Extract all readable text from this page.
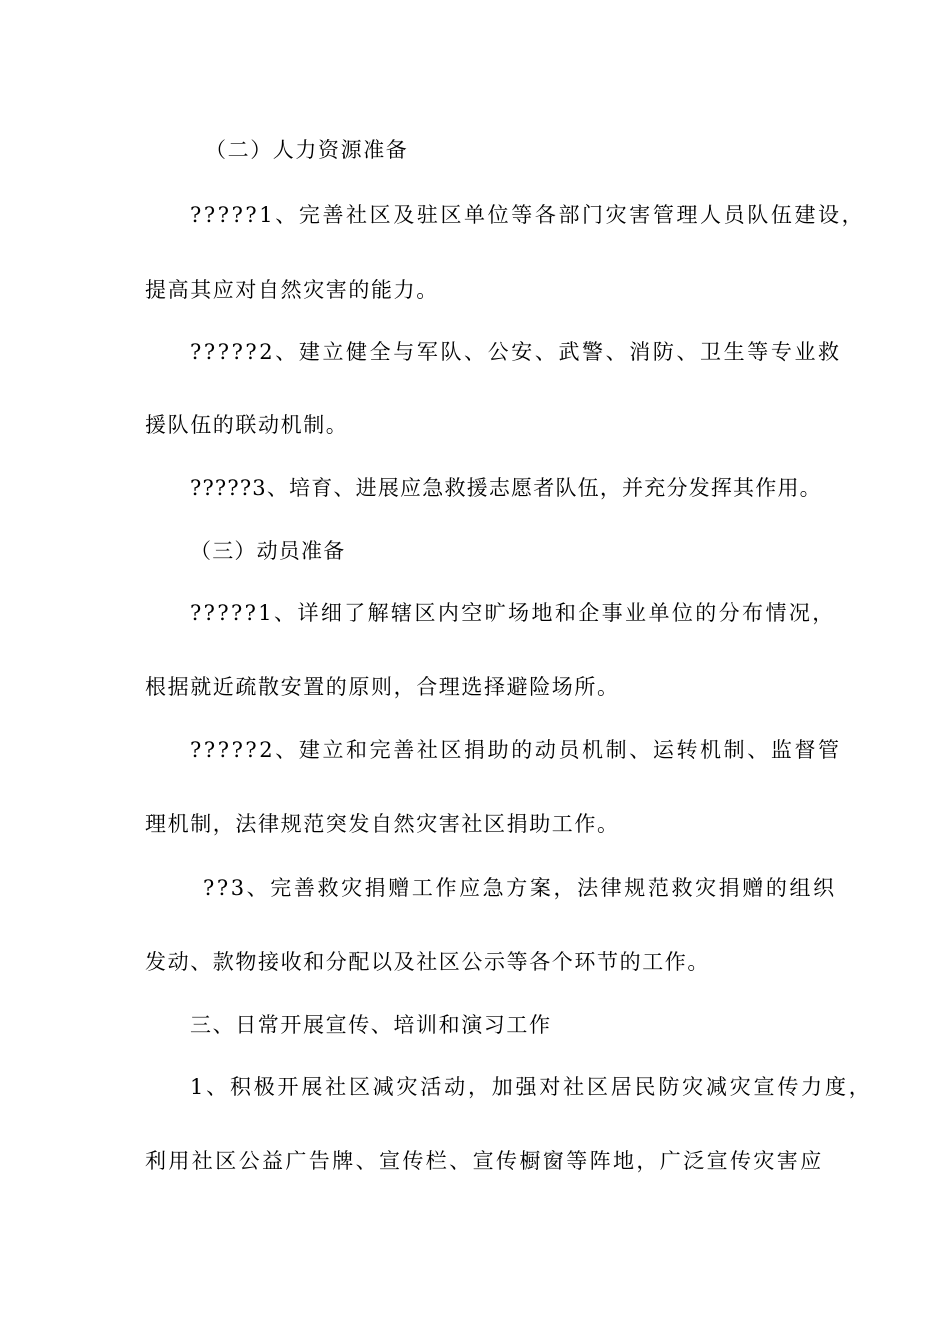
（二）人力资源准备
?????1、完善社区及驻区单位等各部门灾害管理人员队伍建设，
提高其应对自然灾害的能力。
?????2、建立健全与军队、公安、武警、消防、卫生等专业救
援队伍的联动机制。
?????3、培育、进展应急救援志愿者队伍，并充分发挥其作用。
（三）动员准备
?????1、详细了解辖区内空旷场地和企事业单位的分布情况，
根据就近疏散安置的原则，合理选择避险场所。
?????2、建立和完善社区捐助的动员机制、运转机制、监督管
理机制，法律规范突发自然灾害社区捐助工作。
??3、完善救灾捐赠工作应急方案，法律规范救灾捐赠的组织
发动、款物接收和分配以及社区公示等各个环节的工作。
三、日常开展宣传、培训和演习工作
1、积极开展社区减灾活动，加强对社区居民防灾减灾宣传力度，
利用社区公益广告牌、宣传栏、宣传橱窗等阵地，广泛宣传灾害应
